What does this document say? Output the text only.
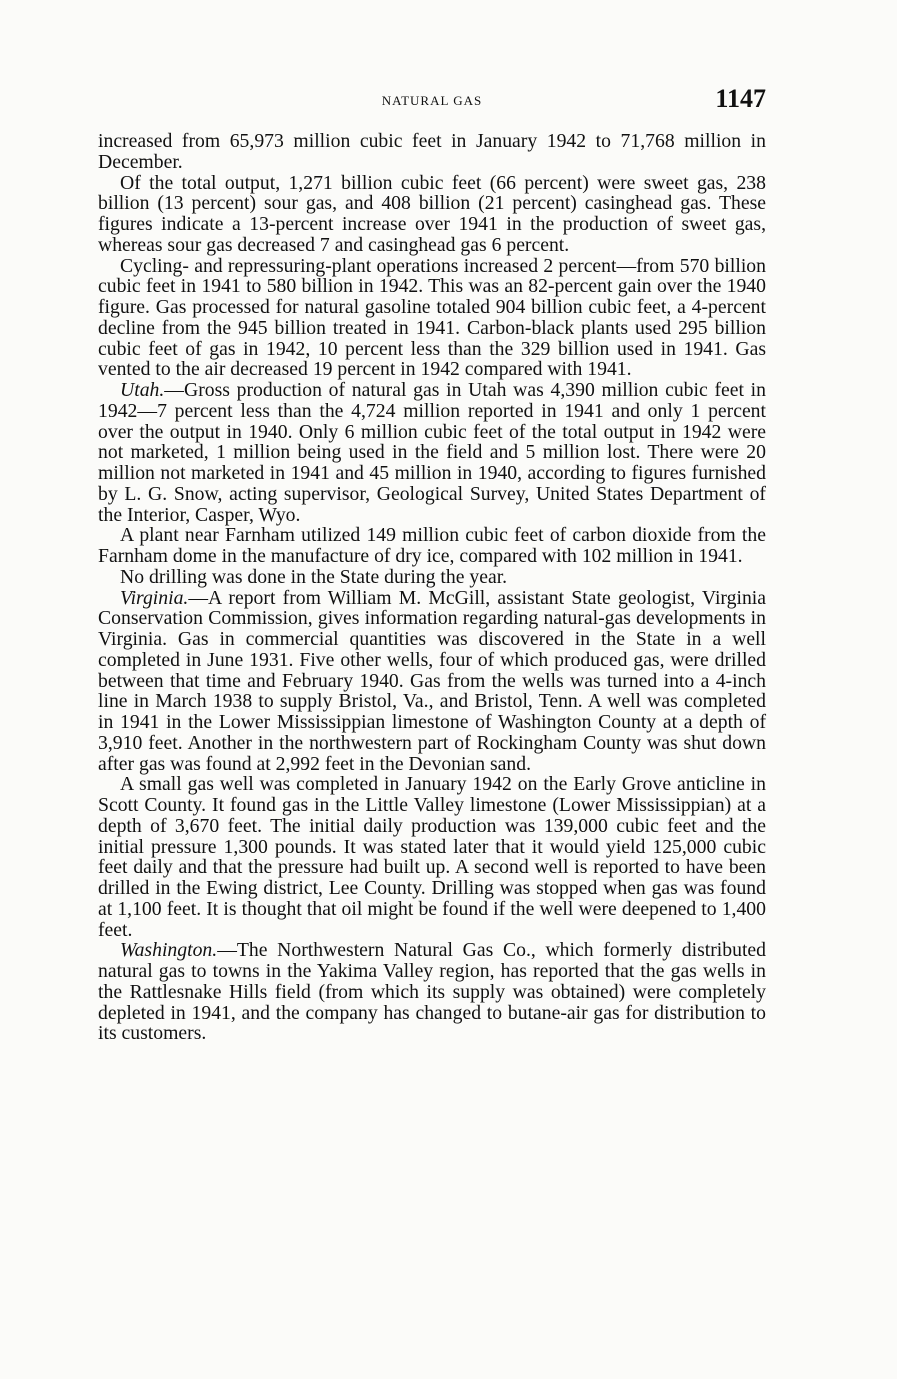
NATURAL GAS	1147

increased from 65,973 million cubic feet in January 1942 to 71,768 million in December.

Of the total output, 1,271 billion cubic feet (66 percent) were sweet gas, 238 billion (13 percent) sour gas, and 408 billion (21 percent) casinghead gas. These figures indicate a 13-percent increase over 1941 in the production of sweet gas, whereas sour gas decreased 7 and casinghead gas 6 percent.

Cycling- and repressuring-plant operations increased 2 percent—from 570 billion cubic feet in 1941 to 580 billion in 1942. This was an 82-percent gain over the 1940 figure. Gas processed for natural gasoline totaled 904 billion cubic feet, a 4-percent decline from the 945 billion treated in 1941. Carbon-black plants used 295 billion cubic feet of gas in 1942, 10 percent less than the 329 billion used in 1941. Gas vented to the air decreased 19 percent in 1942 compared with 1941.

Utah.—Gross production of natural gas in Utah was 4,390 million cubic feet in 1942—7 percent less than the 4,724 million reported in 1941 and only 1 percent over the output in 1940. Only 6 million cubic feet of the total output in 1942 were not marketed, 1 million being used in the field and 5 million lost. There were 20 million not marketed in 1941 and 45 million in 1940, according to figures furnished by L. G. Snow, acting supervisor, Geological Survey, United States Department of the Interior, Casper, Wyo.

A plant near Farnham utilized 149 million cubic feet of carbon dioxide from the Farnham dome in the manufacture of dry ice, compared with 102 million in 1941.

No drilling was done in the State during the year.

Virginia.—A report from William M. McGill, assistant State geologist, Virginia Conservation Commission, gives information regarding natural-gas developments in Virginia. Gas in commercial quantities was discovered in the State in a well completed in June 1931. Five other wells, four of which produced gas, were drilled between that time and February 1940. Gas from the wells was turned into a 4-inch line in March 1938 to supply Bristol, Va., and Bristol, Tenn. A well was completed in 1941 in the Lower Mississippian limestone of Washington County at a depth of 3,910 feet. Another in the northwestern part of Rockingham County was shut down after gas was found at 2,992 feet in the Devonian sand.

A small gas well was completed in January 1942 on the Early Grove anticline in Scott County. It found gas in the Little Valley limestone (Lower Mississippian) at a depth of 3,670 feet. The initial daily production was 139,000 cubic feet and the initial pressure 1,300 pounds. It was stated later that it would yield 125,000 cubic feet daily and that the pressure had built up. A second well is reported to have been drilled in the Ewing district, Lee County. Drilling was stopped when gas was found at 1,100 feet. It is thought that oil might be found if the well were deepened to 1,400 feet.

Washington.—The Northwestern Natural Gas Co., which formerly distributed natural gas to towns in the Yakima Valley region, has reported that the gas wells in the Rattlesnake Hills field (from which its supply was obtained) were completely depleted in 1941, and the company has changed to butane-air gas for distribution to its customers.
